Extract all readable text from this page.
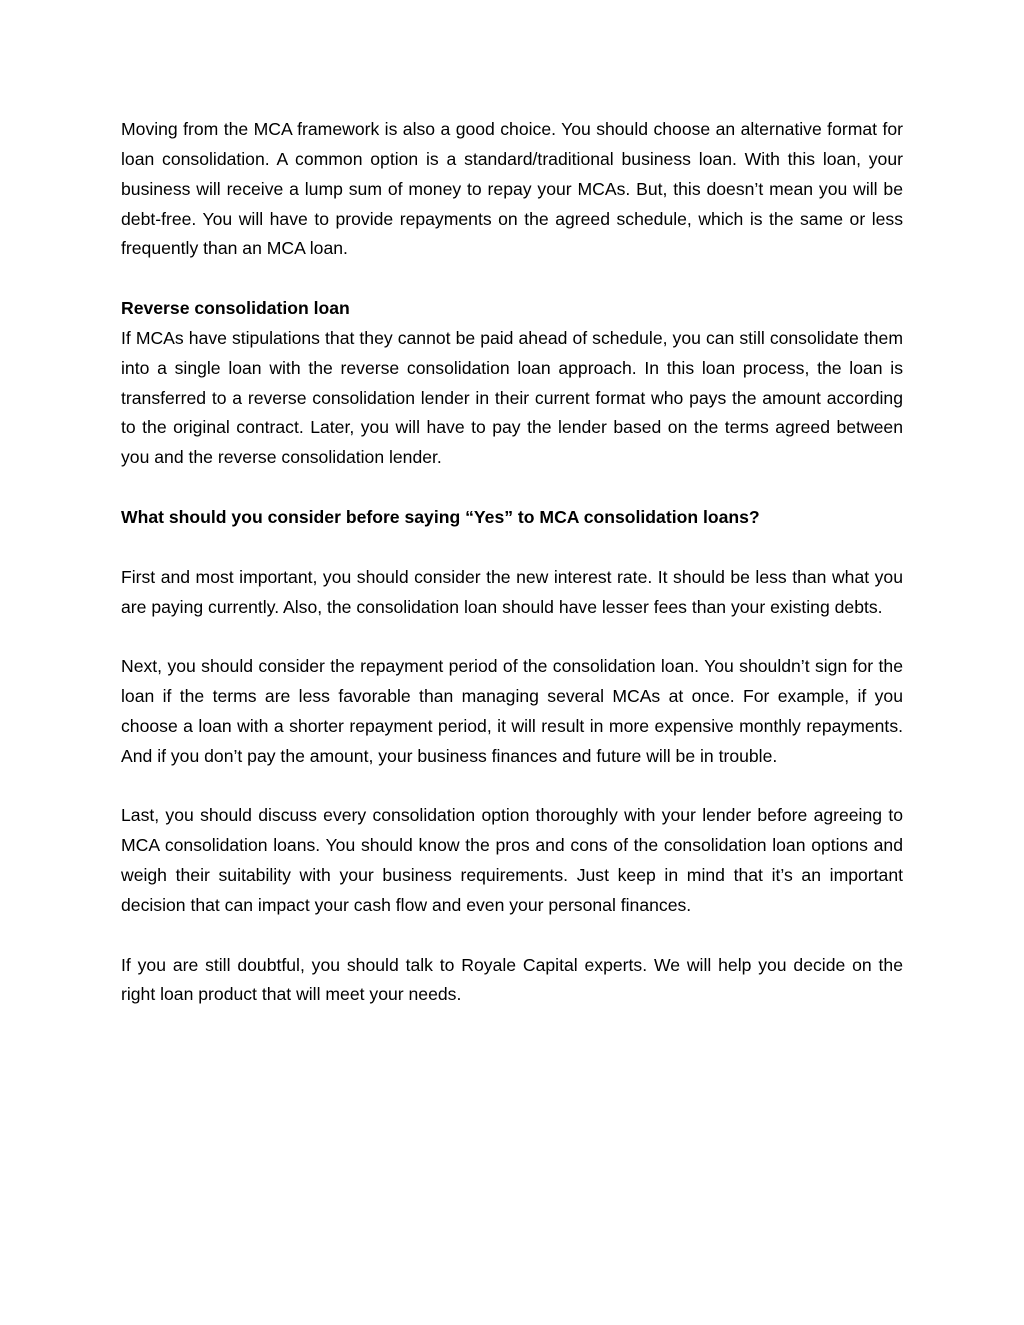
Moving from the MCA framework is also a good choice. You should choose an alternative format for loan consolidation. A common option is a standard/traditional business loan. With this loan, your business will receive a lump sum of money to repay your MCAs. But, this doesn’t mean you will be debt-free. You will have to provide repayments on the agreed schedule, which is the same or less frequently than an MCA loan.

Reverse consolidation loan

If MCAs have stipulations that they cannot be paid ahead of schedule, you can still consolidate them into a single loan with the reverse consolidation loan approach. In this loan process, the loan is transferred to a reverse consolidation lender in their current format who pays the amount according to the original contract. Later, you will have to pay the lender based on the terms agreed between you and the reverse consolidation lender.

What should you consider before saying “Yes” to MCA consolidation loans?

First and most important, you should consider the new interest rate. It should be less than what you are paying currently. Also, the consolidation loan should have lesser fees than your existing debts.

Next, you should consider the repayment period of the consolidation loan. You shouldn’t sign for the loan if the terms are less favorable than managing several MCAs at once. For example, if you choose a loan with a shorter repayment period, it will result in more expensive monthly repayments. And if you don’t pay the amount, your business finances and future will be in trouble.

Last, you should discuss every consolidation option thoroughly with your lender before agreeing to MCA consolidation loans. You should know the pros and cons of the consolidation loan options and weigh their suitability with your business requirements. Just keep in mind that it’s an important decision that can impact your cash flow and even your personal finances.

If you are still doubtful, you should talk to Royale Capital experts. We will help you decide on the right loan product that will meet your needs.
